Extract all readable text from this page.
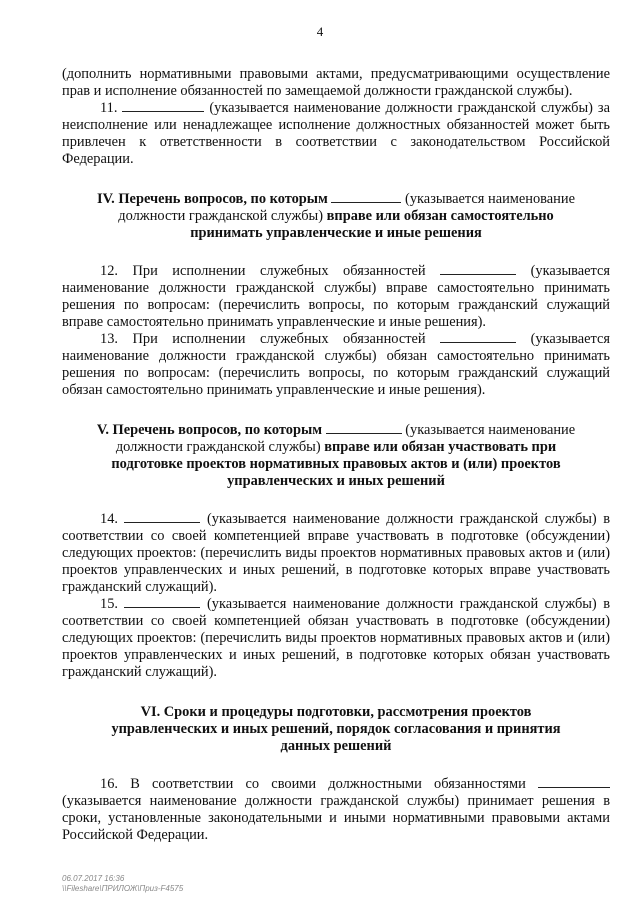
4

(дополнить нормативными правовыми актами, предусматривающими осуществление прав и исполнение обязанностей по замещаемой должности гражданской службы).

11.	(указывается наименование должности гражданской службы) за неисполнение или ненадлежащее исполнение должностных обязанностей может быть привлечен к ответственности в соответствии с законодательством Российской Федерации.

IV. Перечень вопросов, по которым	(указывается наименование должности гражданской службы) вправе или обязан самостоятельно принимать управленческие и иные решения

12. При исполнении служебных обязанностей	(указывается наименование должности гражданской службы) вправе самостоятельно принимать решения по вопросам: (перечислить вопросы, по которым гражданский служащий вправе самостоятельно принимать управленческие и иные решения).

13. При исполнении служебных обязанностей	(указывается наименование должности гражданской службы) обязан самостоятельно принимать решения по вопросам: (перечислить вопросы, по которым гражданский служащий обязан самостоятельно принимать управленческие и иные решения).

V. Перечень вопросов, по которым	(указывается наименование должности гражданской службы) вправе или обязан участвовать при подготовке проектов нормативных правовых актов и (или) проектов управленческих и иных решений

14.	(указывается наименование должности гражданской службы) в соответствии со своей компетенцией вправе участвовать в подготовке (обсуждении) следующих проектов: (перечислить виды проектов нормативных правовых актов и (или) проектов управленческих и иных решений, в подготовке которых вправе участвовать гражданский служащий).

15.	(указывается наименование должности гражданской службы) в соответствии со своей компетенцией обязан участвовать в подготовке (обсуждении) следующих проектов: (перечислить виды проектов нормативных правовых актов и (или) проектов управленческих и иных решений, в подготовке которых обязан участвовать гражданский служащий).

VI. Сроки и процедуры подготовки, рассмотрения проектов управленческих и иных решений, порядок согласования и принятия данных решений

16. В соответствии со своими должностными обязанностями  (указывается наименование должности гражданской службы) принимает решения в сроки, установленные законодательными и иными нормативными правовыми актами Российской Федерации.

06.07.2017 16:36
\\Fileshare\ПРИЛОЖ\Приз-F4575
